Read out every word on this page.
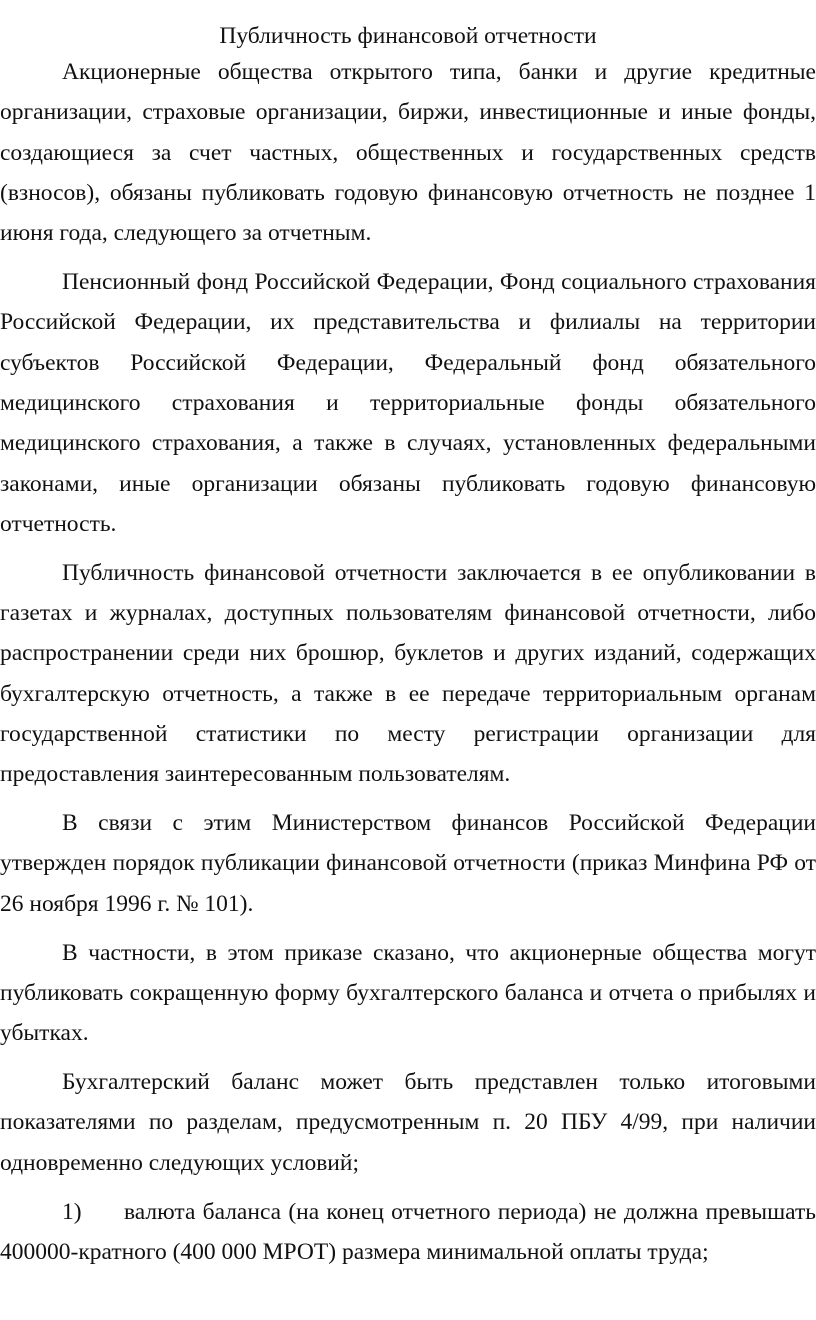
Публичность финансовой отчетности

Акционерные общества открытого типа, банки и другие кредитные организации, страховые организации, биржи, инвестиционные и иные фонды, создающиеся за счет частных, общественных и государственных средств (взносов), обязаны публиковать годовую финансовую отчетность не позднее 1 июня года, следующего за отчетным.

Пенсионный фонд Российской Федерации, Фонд социального страхования Российской Федерации, их представительства и филиалы на территории субъектов Российской Федерации, Федеральный фонд обязательного медицинского страхования и территориальные фонды обязательного медицинского страхования, а также в случаях, установленных федеральными законами, иные организации обязаны публиковать годовую финансовую отчетность.

Публичность финансовой отчетности заключается в ее опубликовании в газетах и журналах, доступных пользователям финансовой отчетности, либо распространении среди них брошюр, буклетов и других изданий, содержащих бухгалтерскую отчетность, а также в ее передаче территориальным органам государственной статистики по месту регистрации организации для предоставления заинтересованным пользователям.

В связи с этим Министерством финансов Российской Федерации утвержден порядок публикации финансовой отчетности (приказ Минфина РФ от 26 ноября 1996 г. № 101).

В частности, в этом приказе сказано, что акционерные общества могут публиковать сокращенную форму бухгалтерского баланса и отчета о прибылях и убытках.

Бухгалтерский баланс может быть представлен только итоговыми показателями по разделам, предусмотренным п. 20 ПБУ 4/99, при наличии одновременно следующих условий;

1) валюта баланса (на конец отчетного периода) не должна превышать 400000-кратного (400 000 МРОТ) размера минимальной оплаты труда;
